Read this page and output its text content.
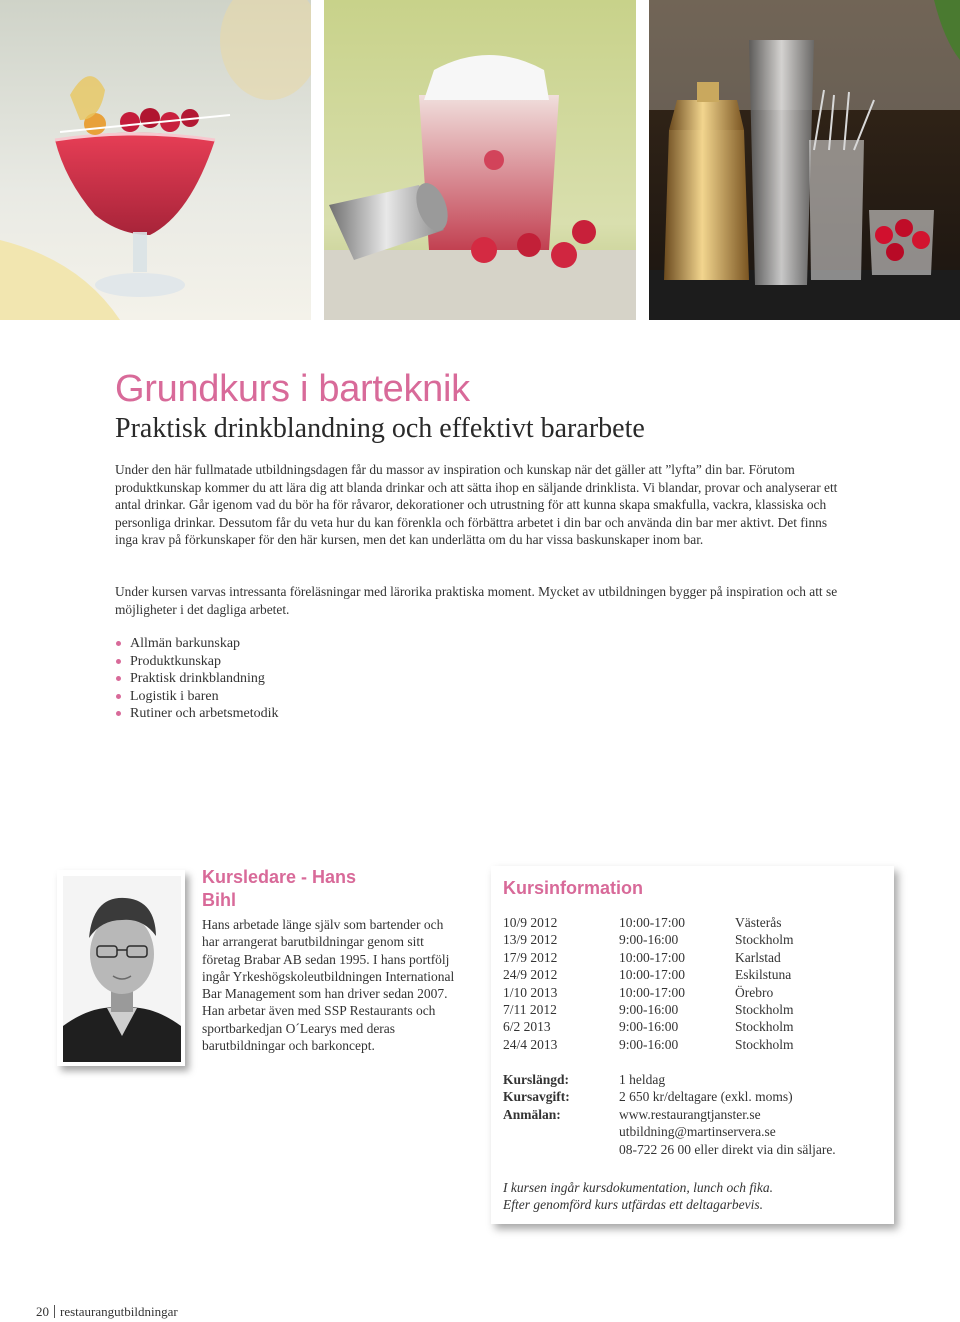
Grundkurs i barteknik
Praktisk drinkblandning och effektivt bararbete

Under den här fullmatade utbildningsdagen får du massor av inspiration och kunskap när det gäller att ”lyfta” din bar. Förutom produktkunskap kommer du att lära dig att blanda drinkar och att sätta ihop en säljande drinklista. Vi blandar, provar och analyserar ett antal drinkar. Går igenom vad du bör ha för råvaror, dekorationer och utrustning för att kunna skapa smakfulla, vackra, klassiska och personliga drinkar. Dessutom får du veta hur du kan förenkla och förbättra arbetet i din bar och använda din bar mer aktivt. Det finns inga krav på förkunskaper för den här kursen, men det kan underlätta om du har vissa baskunskaper inom bar.

Under kursen varvas intressanta föreläsningar med lärorika praktiska moment. Mycket av utbildningen bygger på inspiration och att se möjligheter i det dagliga arbetet.

Allmän barkunskap
Produktkunskap
Praktisk drinkblandning
Logistik i baren
Rutiner och arbetsmetodik
Kursledare - Hans Bihl

Hans arbetade länge själv som bartender och har arrangerat barutbildningar genom sitt företag Brabar AB sedan 1995. I hans portfölj ingår Yrkeshögskoleutbildningen International Bar Management som han driver sedan 2007. Han arbetar även med SSP Restaurants och sportbarkedjan O´Learys med deras barutbildningar och barkoncept.

Kursinformation
10/9 2012	10:00-17:00	Västerås
13/9 2012	9:00-16:00	Stockholm
17/9 2012	10:00-17:00	Karlstad
24/9 2012	10:00-17:00	Eskilstuna
1/10 2013	10:00-17:00	Örebro
7/11 2012	9:00-16:00	Stockholm
6/2 2013	9:00-16:00	Stockholm
24/4 2013	9:00-16:00	Stockholm
Kurslängd:	1 heldag
Kursavgift:	2 650 kr/deltagare (exkl. moms)
Anmälan:	www.restaurangtjanster.se
utbildning@martinservera.se
08-722 26 00 eller direkt via din säljare.

I kursen ingår kursdokumentation, lunch och fika.
Efter genomförd kurs utfärdas ett deltagarbevis.

20 restaurangutbildningar
